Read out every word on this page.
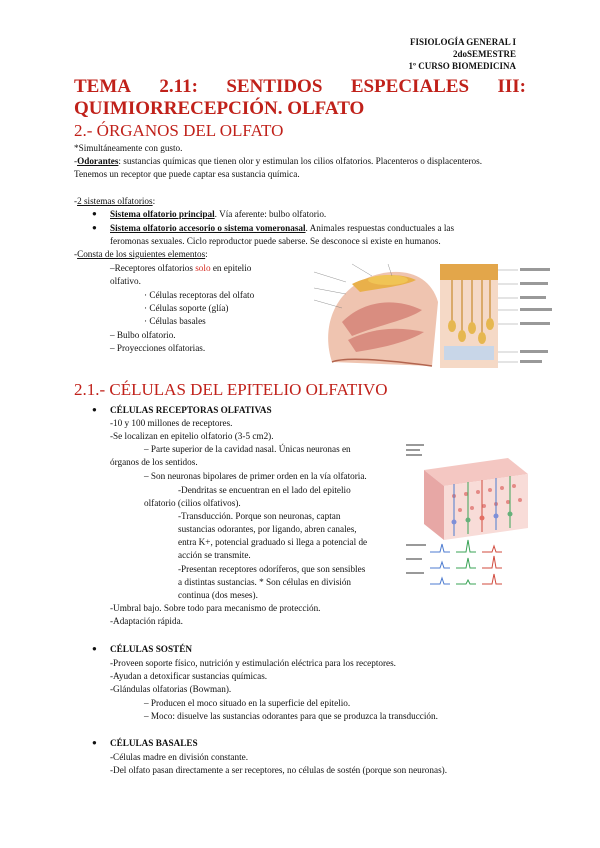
FISIOLOGÍA GENERAL I
2doSEMESTRE
1º CURSO BIOMEDICINA
TEMA 2.11: SENTIDOS ESPECIALES III:
QUIMIORRECEPCIÓN. OLFATO
2.- ÓRGANOS DEL OLFATO
*Simultáneamente con gusto.
-Odorantes: sustancias químicas que tienen olor y estimulan los cilios olfatorios. Placenteros o displacenteros.
Tenemos un receptor que puede captar esa sustancia química.
-2 sistemas olfatorios:
● Sistema olfatorio principal. Vía aferente: bulbo olfatorio.
● Sistema olfatorio accesorio o sistema vomeronasal. Animales respuestas conductuales a las
feromonas sexuales. Ciclo reproductor puede saberse. Se desconoce si existe en humanos.
-Consta de los siguientes elementos:
–Receptores olfatorios solo en epitelio
olfativo.
· Células receptoras del olfato
· Células soporte (glía)
· Células basales
– Bulbo olfatorio.
– Proyecciones olfatorias.
2.1.- CÉLULAS DEL EPITELIO OLFATIVO
● CÉLULAS RECEPTORAS OLFATIVAS
-10 y 100 millones de receptores.
-Se localizan en epitelio olfatorio (3-5 cm2).
– Parte superior de la cavidad nasal. Únicas neuronas en
órganos de los sentidos.
– Son neuronas bipolares de primer orden en la vía olfatoria.
-Dendritas se encuentran en el lado del epitelio
olfatorio (cilios olfativos).
-Transducción. Porque son neuronas, captan
sustancias odorantes, por ligando, abren canales,
entra K+, potencial graduado si llega a potencial de
acción se transmite.
-Presentan receptores odoríferos, que son sensibles
a distintas sustancias. * Son células en división
continua (dos meses).
-Umbral bajo. Sobre todo para mecanismo de protección.
-Adaptación rápida.
● CÉLULAS SOSTÉN
-Proveen soporte físico, nutrición y estimulación eléctrica para los receptores.
-Ayudan a detoxificar sustancias químicas.
-Glándulas olfatorias (Bowman).
– Producen el moco situado en la superficie del epitelio.
– Moco: disuelve las sustancias odorantes para que se produzca la transducción.
● CÉLULAS BASALES
-Células madre en división constante.
-Del olfato pasan directamente a ser receptores, no células de sostén (porque son neuronas).
